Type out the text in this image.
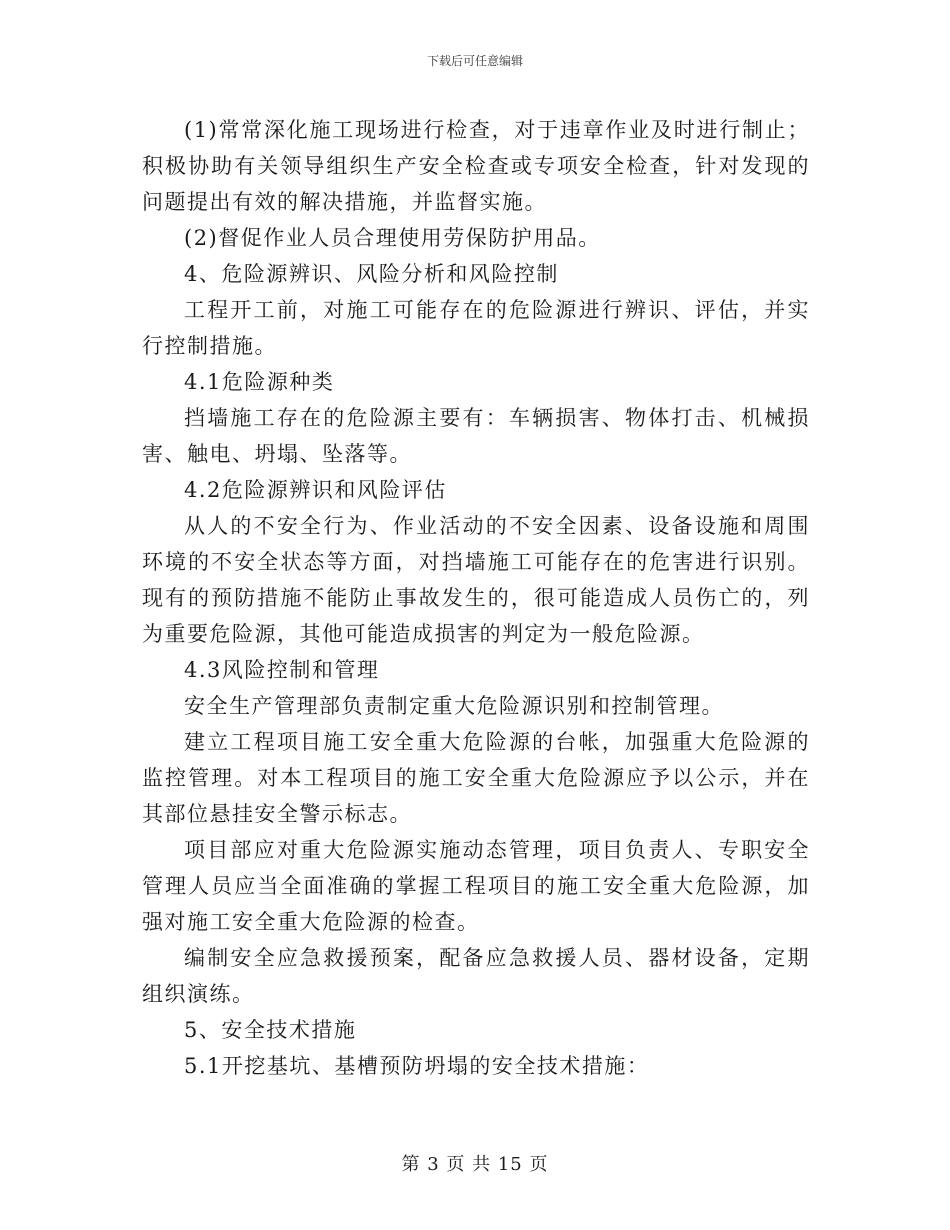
下载后可任意编辑

(1)常常深化施工现场进行检查，对于违章作业及时进行制止；积极协助有关领导组织生产安全检查或专项安全检查，针对发现的问题提出有效的解决措施，并监督实施。

(2)督促作业人员合理使用劳保防护用品。

4、危险源辨识、风险分析和风险控制

工程开工前，对施工可能存在的危险源进行辨识、评估，并实行控制措施。

4.1危险源种类

挡墙施工存在的危险源主要有：车辆损害、物体打击、机械损害、触电、坍塌、坠落等。

4.2危险源辨识和风险评估

从人的不安全行为、作业活动的不安全因素、设备设施和周围环境的不安全状态等方面，对挡墙施工可能存在的危害进行识别。现有的预防措施不能防止事故发生的，很可能造成人员伤亡的，列为重要危险源，其他可能造成损害的判定为一般危险源。

4.3风险控制和管理

安全生产管理部负责制定重大危险源识别和控制管理。

建立工程项目施工安全重大危险源的台帐，加强重大危险源的监控管理。对本工程项目的施工安全重大危险源应予以公示，并在其部位悬挂安全警示标志。

项目部应对重大危险源实施动态管理，项目负责人、专职安全管理人员应当全面准确的掌握工程项目的施工安全重大危险源，加强对施工安全重大危险源的检查。

编制安全应急救援预案，配备应急救援人员、器材设备，定期组织演练。

5、安全技术措施

5.1开挖基坑、基槽预防坍塌的安全技术措施：

第 3 页 共 15 页
